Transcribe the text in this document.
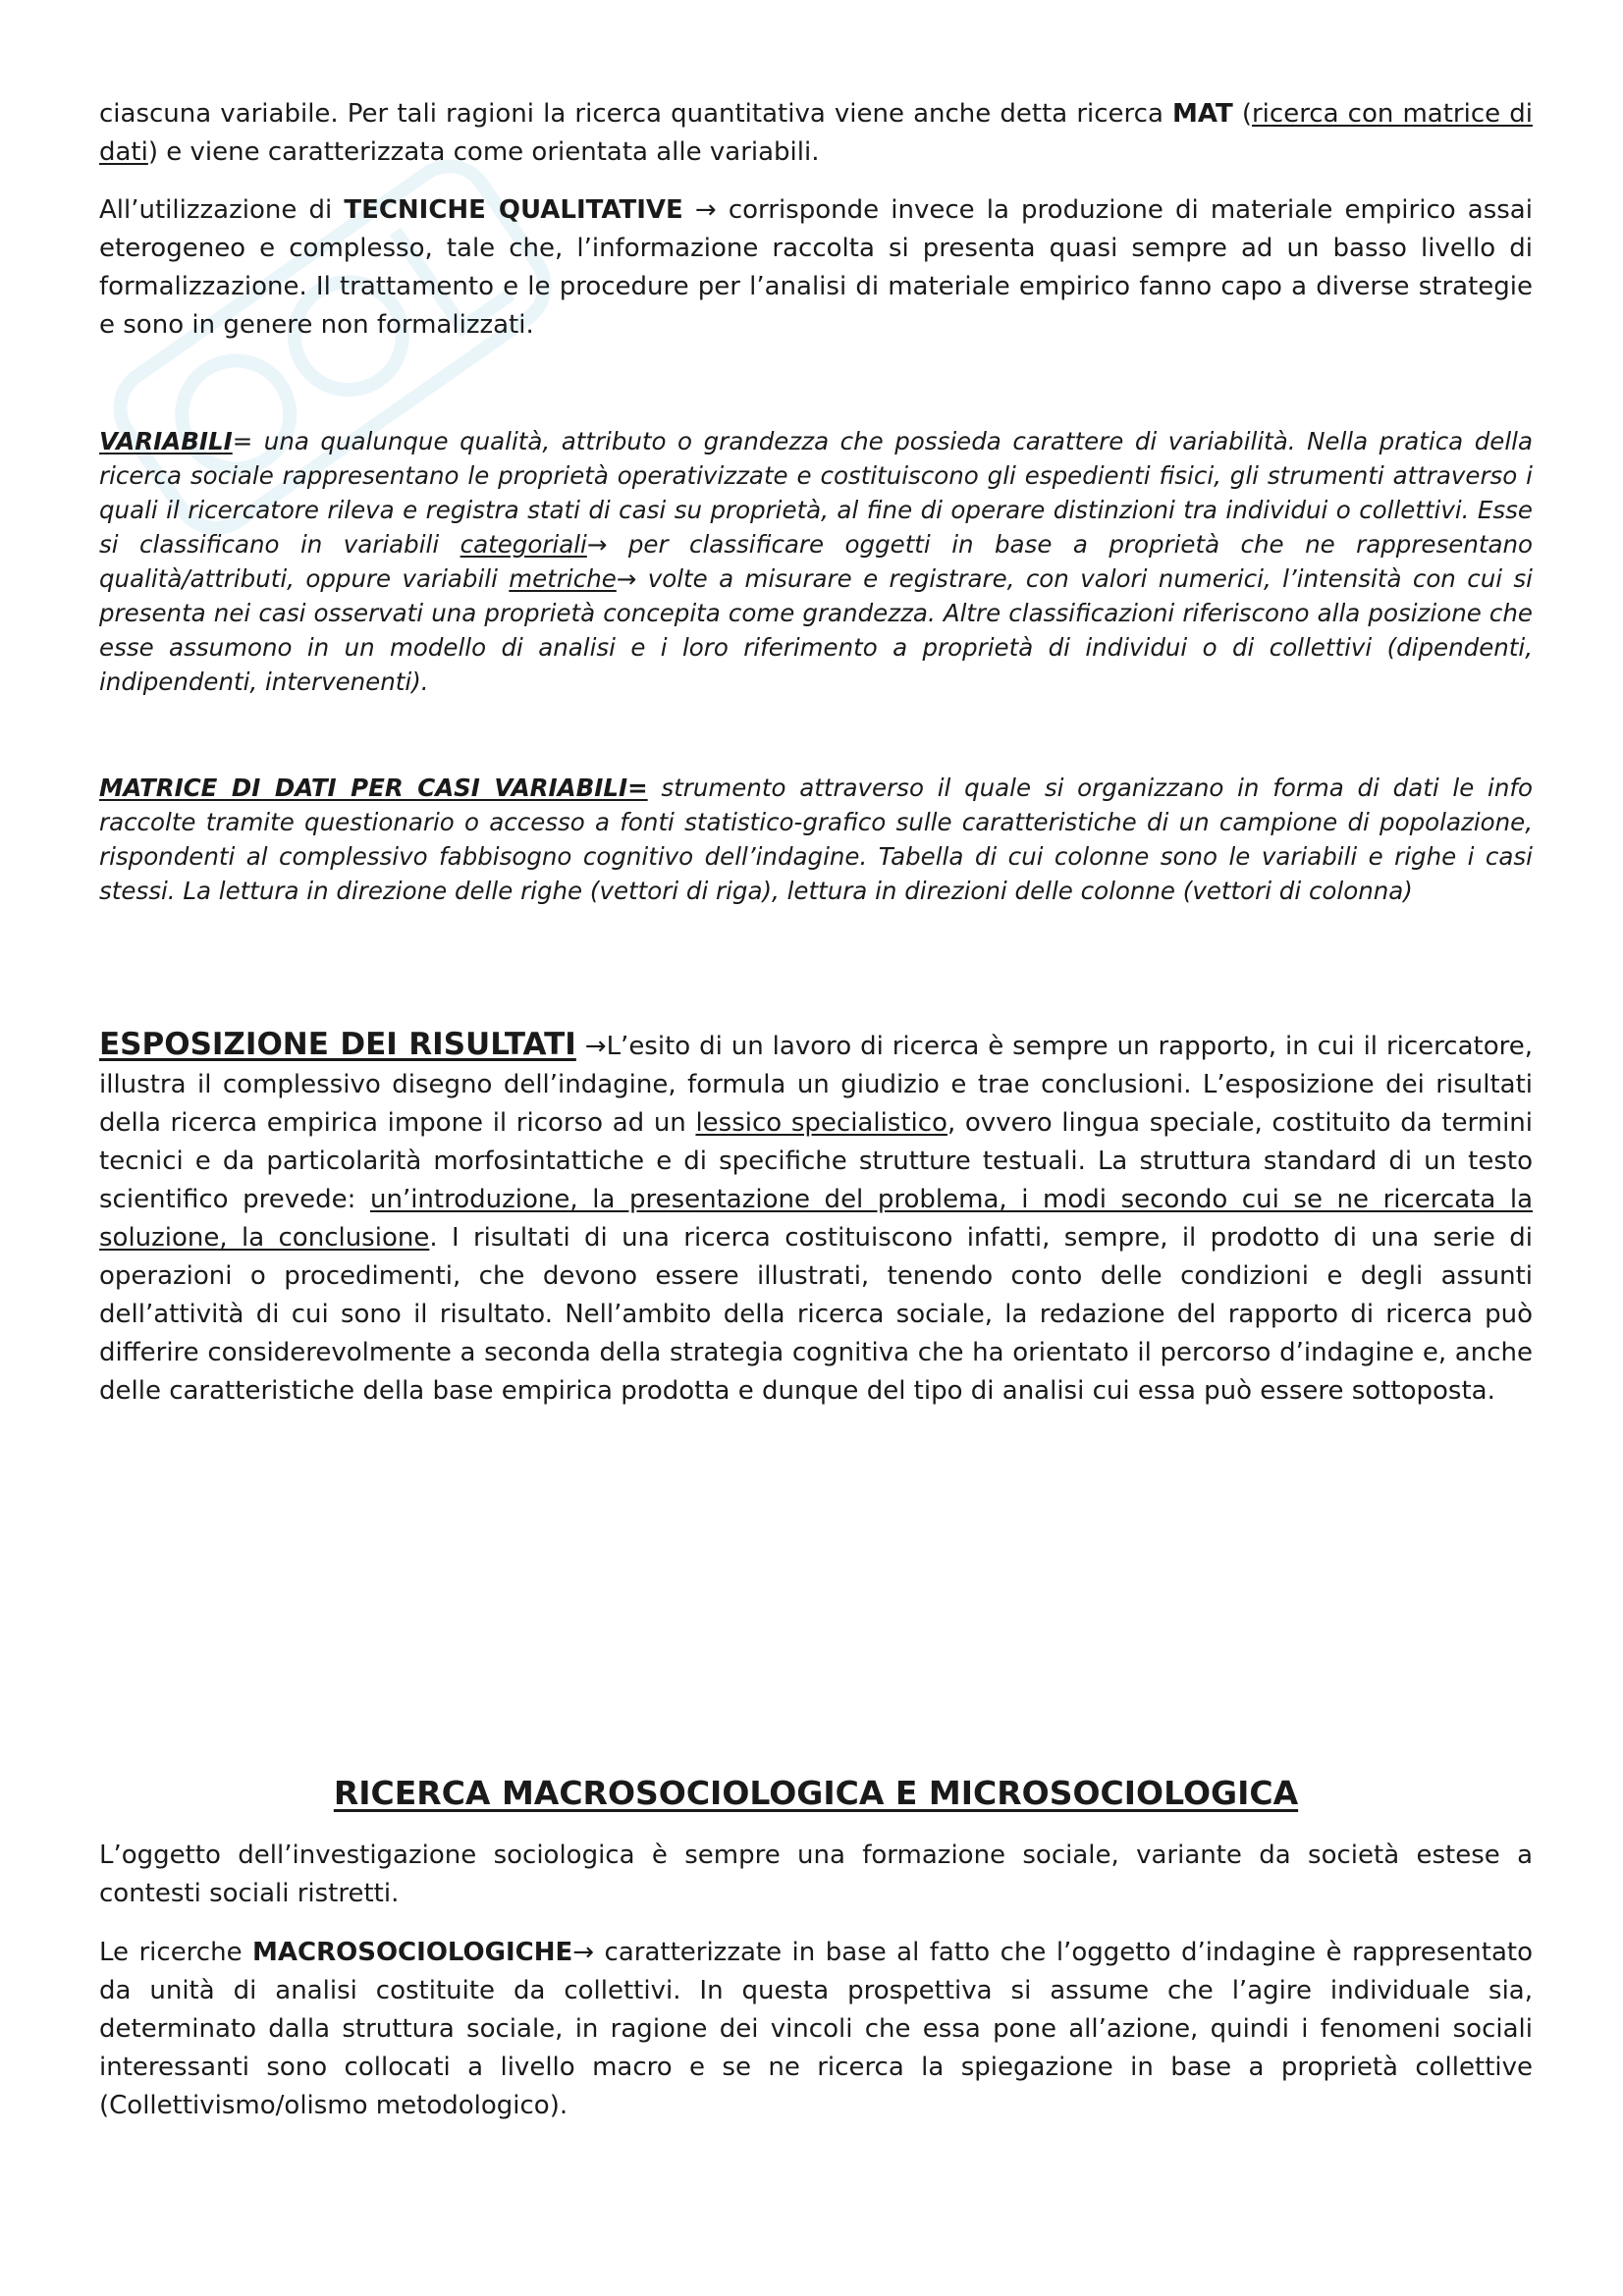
ciascuna variabile. Per tali ragioni la ricerca quantitativa viene anche detta ricerca MAT (ricerca con matrice di dati) e viene caratterizzata come orientata alle variabili.

All’utilizzazione di TECNICHE QUALITATIVE → corrisponde invece la produzione di materiale empirico assai eterogeneo e complesso, tale che, l’informazione raccolta si presenta quasi sempre ad un basso livello di formalizzazione. Il trattamento e le procedure per l’analisi di materiale empirico fanno capo a diverse strategie e sono in genere non formalizzati.

VARIABILI= una qualunque qualità, attributo o grandezza che possieda carattere di variabilità. Nella pratica della ricerca sociale rappresentano le proprietà operativizzate e costituiscono gli espedienti fisici, gli strumenti attraverso i quali il ricercatore rileva e registra stati di casi su proprietà, al fine di operare distinzioni tra individui o collettivi. Esse si classificano in variabili categoriali→ per classificare oggetti in base a proprietà che ne rappresentano qualità/attributi, oppure variabili metriche→ volte a misurare e registrare, con valori numerici, l’intensità con cui si presenta nei casi osservati una proprietà concepita come grandezza. Altre classificazioni riferiscono alla posizione che esse assumono in un modello di analisi e i loro riferimento a proprietà di individui o di collettivi (dipendenti, indipendenti, intervenenti).

MATRICE DI DATI PER CASI VARIABILI= strumento attraverso il quale si organizzano in forma di dati le info raccolte tramite questionario o accesso a fonti statistico-grafico sulle caratteristiche di un campione di popolazione, rispondenti al complessivo fabbisogno cognitivo dell’indagine. Tabella di cui colonne sono le variabili e righe i casi stessi. La lettura in direzione delle righe (vettori di riga), lettura in direzioni delle colonne (vettori di colonna)

ESPOSIZIONE DEI RISULTATI →L’esito di un lavoro di ricerca è sempre un rapporto, in cui il ricercatore, illustra il complessivo disegno dell’indagine, formula un giudizio e trae conclusioni. L’esposizione dei risultati della ricerca empirica impone il ricorso ad un lessico specialistico, ovvero lingua speciale, costituito da termini tecnici e da particolarità morfosintattiche e di specifiche strutture testuali. La struttura standard di un testo scientifico prevede: un’introduzione, la presentazione del problema, i modi secondo cui se ne ricercata la soluzione, la conclusione. I risultati di una ricerca costituiscono infatti, sempre, il prodotto di una serie di operazioni o procedimenti, che devono essere illustrati, tenendo conto delle condizioni e degli assunti dell’attività di cui sono il risultato. Nell’ambito della ricerca sociale, la redazione del rapporto di ricerca può differire considerevolmente a seconda della strategia cognitiva che ha orientato il percorso d’indagine e, anche delle caratteristiche della base empirica prodotta e dunque del tipo di analisi cui essa può essere sottoposta.

RICERCA MACROSOCIOLOGICA E MICROSOCIOLOGICA

L’oggetto dell’investigazione sociologica è sempre una formazione sociale, variante da società estese a contesti sociali ristretti.

Le ricerche MACROSOCIOLOGICHE→ caratterizzate in base al fatto che l’oggetto d’indagine è rappresentato da unità di analisi costituite da collettivi. In questa prospettiva si assume che l’agire individuale sia, determinato dalla struttura sociale, in ragione dei vincoli che essa pone all’azione, quindi i fenomeni sociali interessanti sono collocati a livello macro e se ne ricerca la spiegazione in base a proprietà collettive (Collettivismo/olismo metodologico).
